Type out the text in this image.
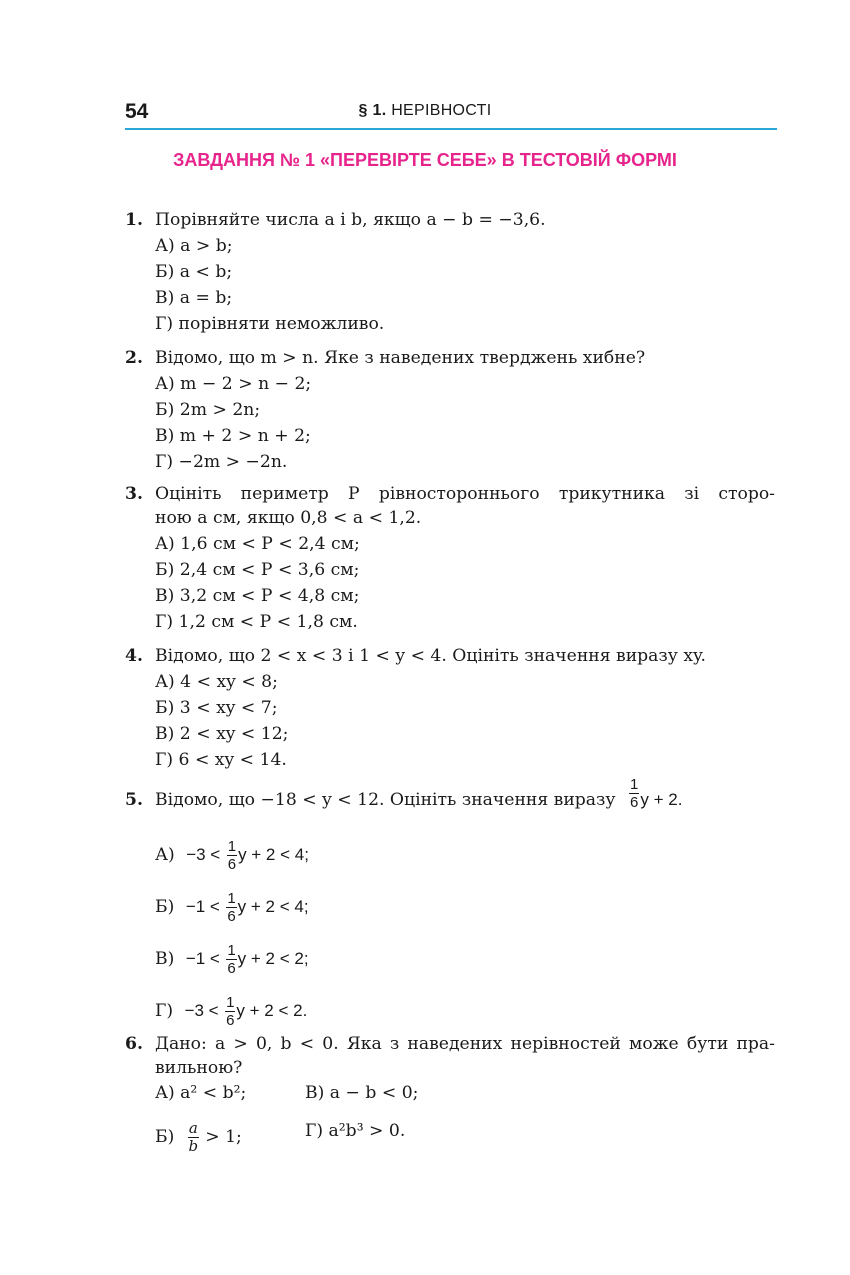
54	§ 1. НЕРІВНОСТІ
ЗАВДАННЯ № 1 «ПЕРЕВІРТЕ СЕБЕ» В ТЕСТОВІЙ ФОРМІ
1. Порівняйте числа a і b, якщо a − b = −3,6.
А) a > b;
Б) a < b;
В) a = b;
Г) порівняти неможливо.
2. Відомо, що m > n. Яке з наведених тверджень хибне?
А) m − 2 > n − 2;
Б) 2m > 2n;
В) m + 2 > n + 2;
Г) −2m > −2n.
3. Оцініть периметр P рівностороннього трикутника зі сторо-
ною a см, якщо 0,8 < a < 1,2.
А) 1,6 см < P < 2,4 см;
Б) 2,4 см < P < 3,6 см;
В) 3,2 см < P < 4,8 см;
Г) 1,2 см < P < 1,8 см.
4. Відомо, що 2 < x < 3 і 1 < y < 4. Оцініть значення виразу xy.
А) 4 < xy < 8;
Б) 3 < xy < 7;
В) 2 < xy < 12;
Г) 6 < xy < 14.
5. Відомо, що −18 < y < 12. Оцініть значення виразу $\frac{1}{6}$ y + 2.
$А) -3 < \frac{1}{6}$ y + 2 < 4;
$Б) -1 < \frac{1}{6}$ y + 2 < 4;
$В) -1 < \frac{1}{6}$ y + 2 < 2;
$Г) -3 < \frac{1}{6}$ y + 2 < 2.
6. Дано: a > 0, b < 0. Яка з наведених нерівностей може бути пра-
вильною?
А) a² < b²;	В) a − b < 0;
$Б) \frac{a}{b} > 1$;	Г) a²b³ > 0.
